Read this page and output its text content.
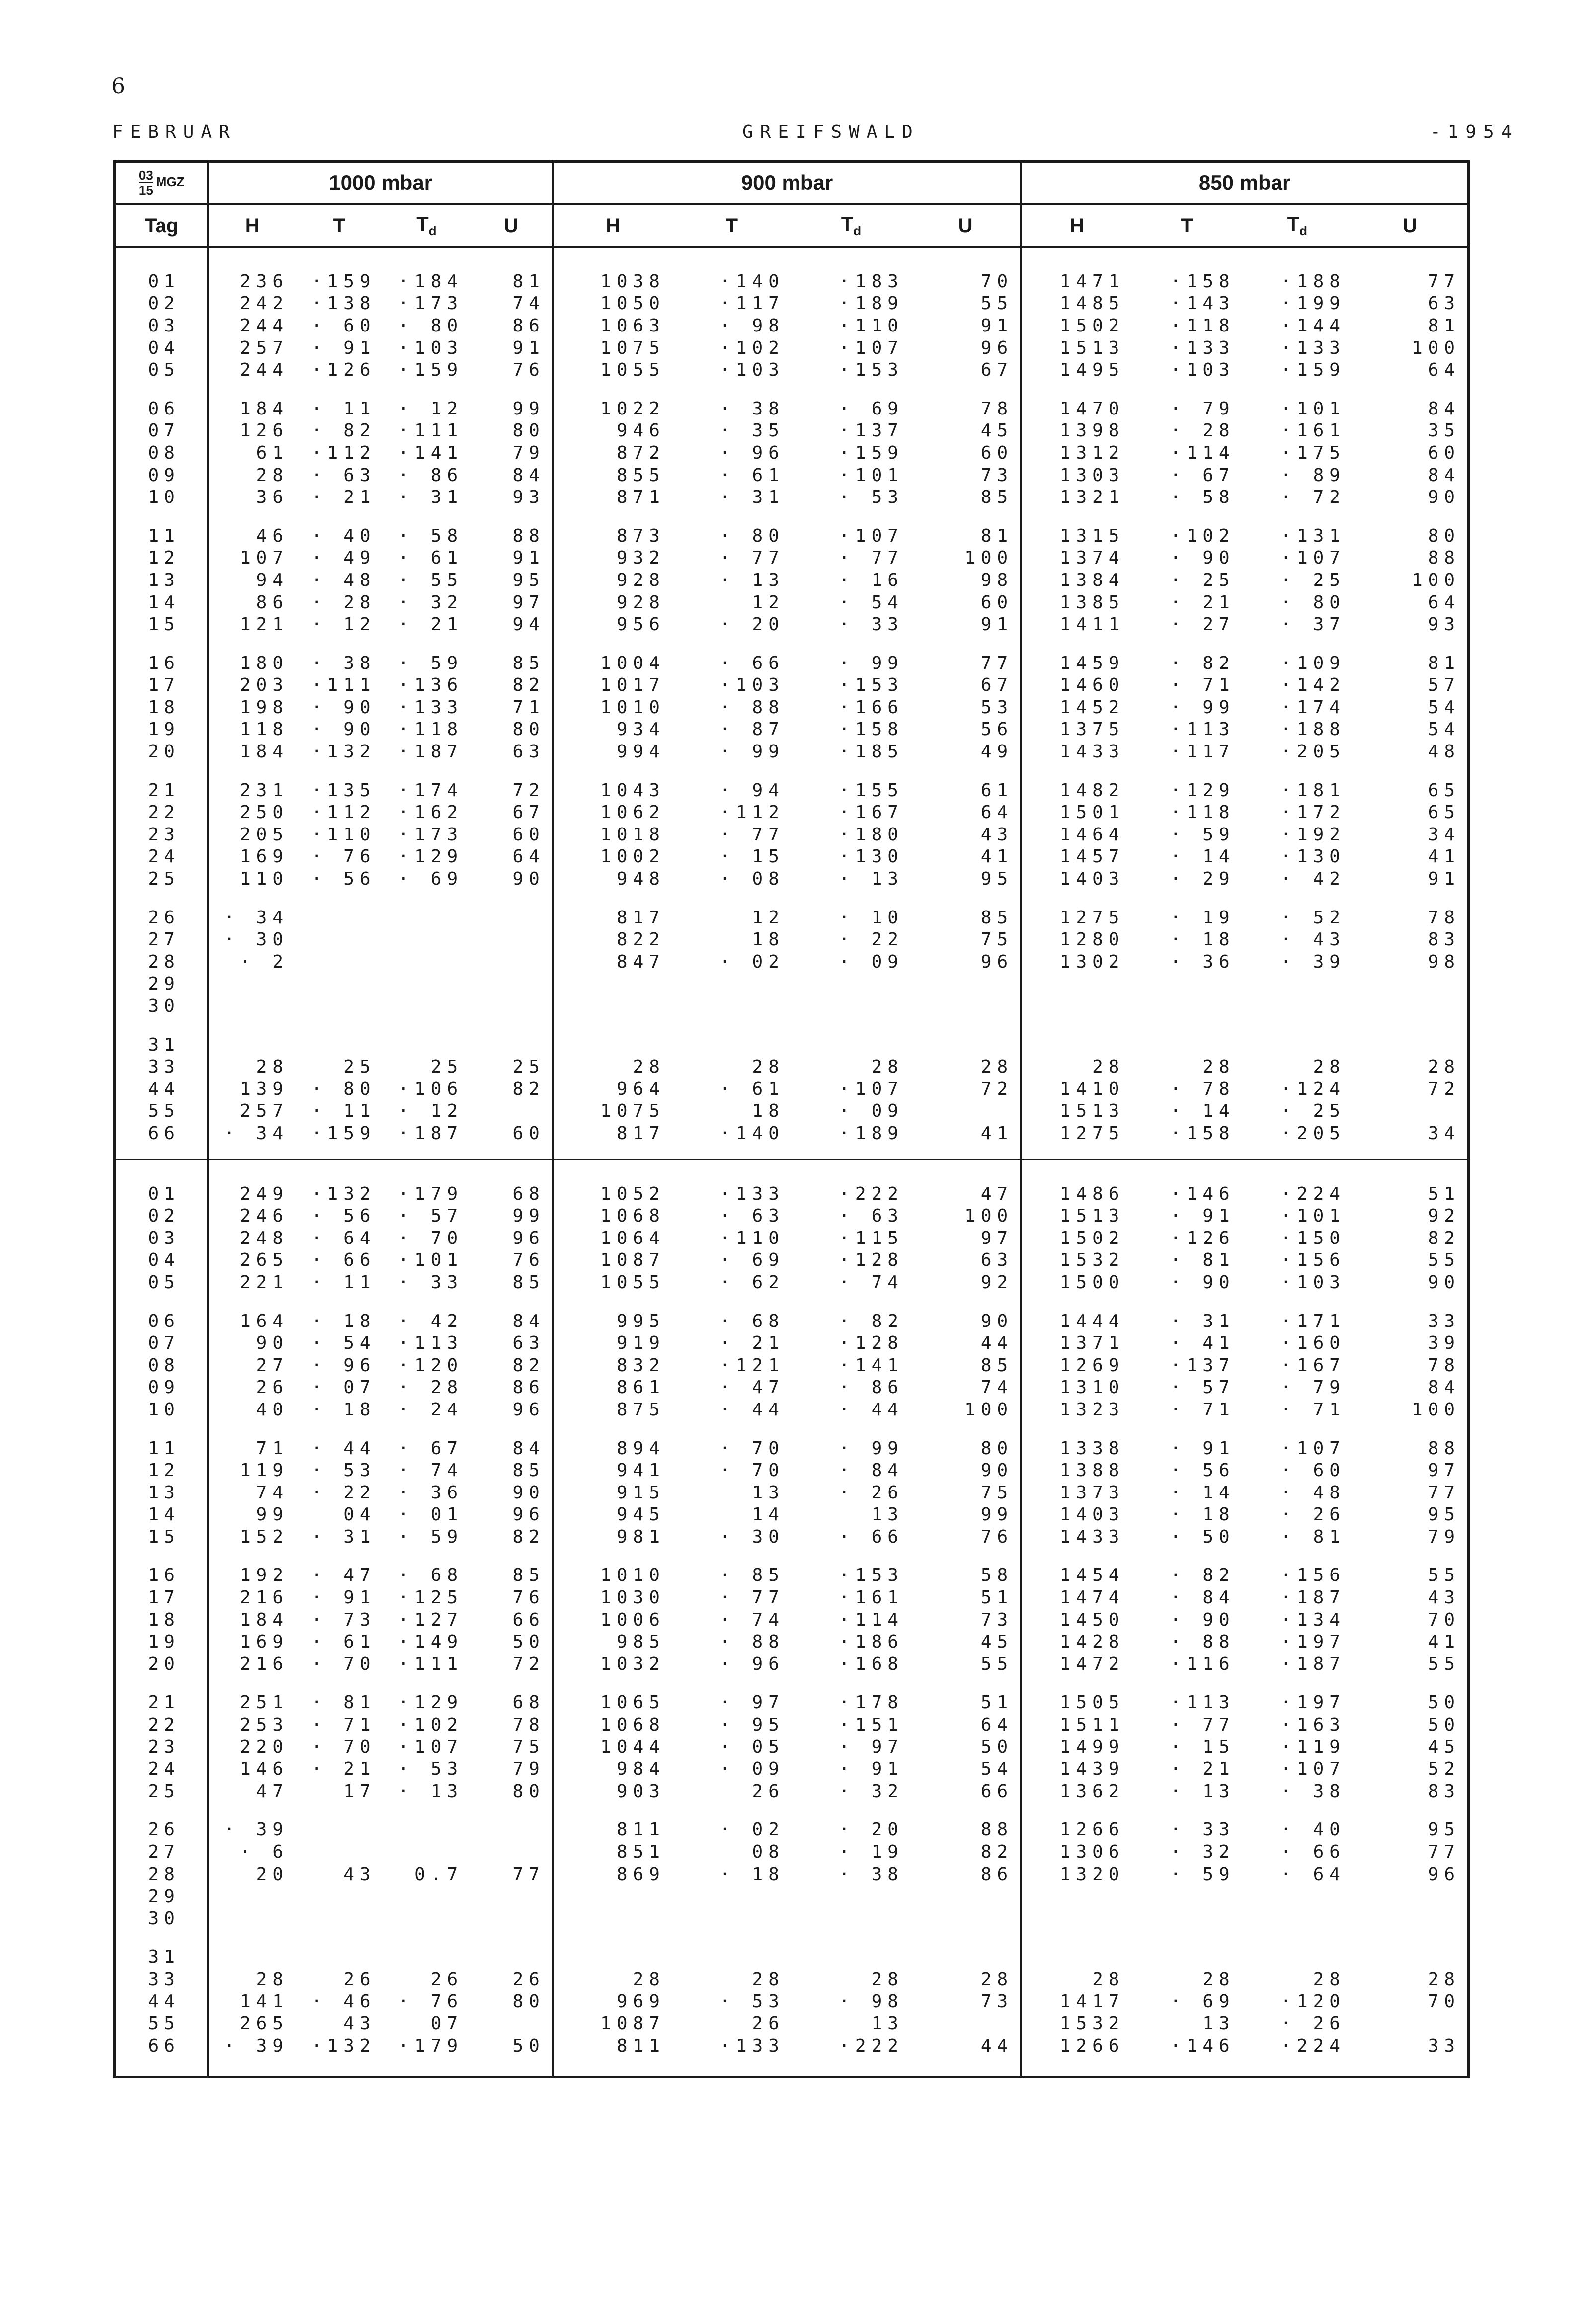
6
FEBRUAR	GREIFSWALD	-1954
$\frac{03}{15}$ MGZ	1000 mbar				900 mbar				850 mbar			
Tag	H	T	$T_d$	U	H	T	$T_d$	U	H	T	$T_d$	U

01	236	·159	·184	81	1038	·140	·183	70	1471	·158	·188	77
02	242	·138	·173	74	1050	·117	·189	55	1485	·143	·199	63
03	244	· 60	· 80	86	1063	· 98	·110	91	1502	·118	·144	81
04	257	· 91	·103	91	1075	·102	·107	96	1513	·133	·133	100
05	244	·126	·159	76	1055	·103	·153	67	1495	·103	·159	64

06	184	· 11	· 12	99	1022	· 38	· 69	78	1470	· 79	·101	84
07	126	· 82	·111	80	946	· 35	·137	45	1398	· 28	·161	35
08	61	·112	·141	79	872	· 96	·159	60	1312	·114	·175	60
09	28	· 63	· 86	84	855	· 61	·101	73	1303	· 67	· 89	84
10	36	· 21	· 31	93	871	· 31	· 53	85	1321	· 58	· 72	90

11	46	· 40	· 58	88	873	· 80	·107	81	1315	·102	·131	80
12	107	· 49	· 61	91	932	· 77	· 77	100	1374	· 90	·107	88
13	94	· 48	· 55	95	928	· 13	· 16	98	1384	· 25	· 25	100
14	86	· 28	· 32	97	928	12	· 54	60	1385	· 21	· 80	64
15	121	· 12	· 21	94	956	· 20	· 33	91	1411	· 27	· 37	93

16	180	· 38	· 59	85	1004	· 66	· 99	77	1459	· 82	·109	81
17	203	·111	·136	82	1017	·103	·153	67	1460	· 71	·142	57
18	198	· 90	·133	71	1010	· 88	·166	53	1452	· 99	·174	54
19	118	· 90	·118	80	934	· 87	·158	56	1375	·113	·188	54
20	184	·132	·187	63	994	· 99	·185	49	1433	·117	·205	48

21	231	·135	·174	72	1043	· 94	·155	61	1482	·129	·181	65
22	250	·112	·162	67	1062	·112	·167	64	1501	·118	·172	65
23	205	·110	·173	60	1018	· 77	·180	43	1464	· 59	·192	34
24	169	· 76	·129	64	1002	· 15	·130	41	1457	· 14	·130	41
25	110	· 56	· 69	90	948	· 08	· 13	95	1403	· 29	· 42	91

26	· 34				817	12	· 10	85	1275	· 19	· 52	78
27	· 30				822	18	· 22	75	1280	· 18	· 43	83
28	· 2				847	· 02	· 09	96	1302	· 36	· 39	98
29												
30												

31												
33	28	25	25	25	28	28	28	28	28	28	28	28
44	139	· 80	·106	82	964	· 61	·107	72	1410	· 78	·124	72
55	257	· 11	· 12		1075	18	· 09		1513	· 14	· 25	
66	· 34	·159	·187	60	817	·140	·189	41	1275	·158	·205	34

01	249	·132	·179	68	1052	·133	·222	47	1486	·146	·224	51
02	246	· 56	· 57	99	1068	· 63	· 63	100	1513	· 91	·101	92
03	248	· 64	· 70	96	1064	·110	·115	97	1502	·126	·150	82
04	265	· 66	·101	76	1087	· 69	·128	63	1532	· 81	·156	55
05	221	· 11	· 33	85	1055	· 62	· 74	92	1500	· 90	·103	90

06	164	· 18	· 42	84	995	· 68	· 82	90	1444	· 31	·171	33
07	90	· 54	·113	63	919	· 21	·128	44	1371	· 41	·160	39
08	27	· 96	·120	82	832	·121	·141	85	1269	·137	·167	78
09	26	· 07	· 28	86	861	· 47	· 86	74	1310	· 57	· 79	84
10	40	· 18	· 24	96	875	· 44	· 44	100	1323	· 71	· 71	100

11	71	· 44	· 67	84	894	· 70	· 99	80	1338	· 91	·107	88
12	119	· 53	· 74	85	941	· 70	· 84	90	1388	· 56	· 60	97
13	74	· 22	· 36	90	915	13	· 26	75	1373	· 14	· 48	77
14	99	04	· 01	96	945	14	13	99	1403	· 18	· 26	95
15	152	· 31	· 59	82	981	· 30	· 66	76	1433	· 50	· 81	79

16	192	· 47	· 68	85	1010	· 85	·153	58	1454	· 82	·156	55
17	216	· 91	·125	76	1030	· 77	·161	51	1474	· 84	·187	43
18	184	· 73	·127	66	1006	· 74	·114	73	1450	· 90	·134	70
19	169	· 61	·149	50	985	· 88	·186	45	1428	· 88	·197	41
20	216	· 70	·111	72	1032	· 96	·168	55	1472	·116	·187	55

21	251	· 81	·129	68	1065	· 97	·178	51	1505	·113	·197	50
22	253	· 71	·102	78	1068	· 95	·151	64	1511	· 77	·163	50
23	220	· 70	·107	75	1044	· 05	· 97	50	1499	· 15	·119	45
24	146	· 21	· 53	79	984	· 09	· 91	54	1439	· 21	·107	52
25	47	17	· 13	80	903	26	· 32	66	1362	· 13	· 38	83

26	· 39				811	· 02	· 20	88	1266	· 33	· 40	95
27	· 6				851	08	· 19	82	1306	· 32	· 66	77
28	20	43	0.7	77	869	· 18	· 38	86	1320	· 59	· 64	96
29												
30												

31												
33	28	26	26	26	28	28	28	28	28	28	28	28
44	141	· 46	· 76	80	969	· 53	· 98	73	1417	· 69	·120	70
55	265	43	07		1087	26	13		1532	13	· 26	
66	· 39	·132	·179	50	811	·133	·222	44	1266	·146	·224	33
